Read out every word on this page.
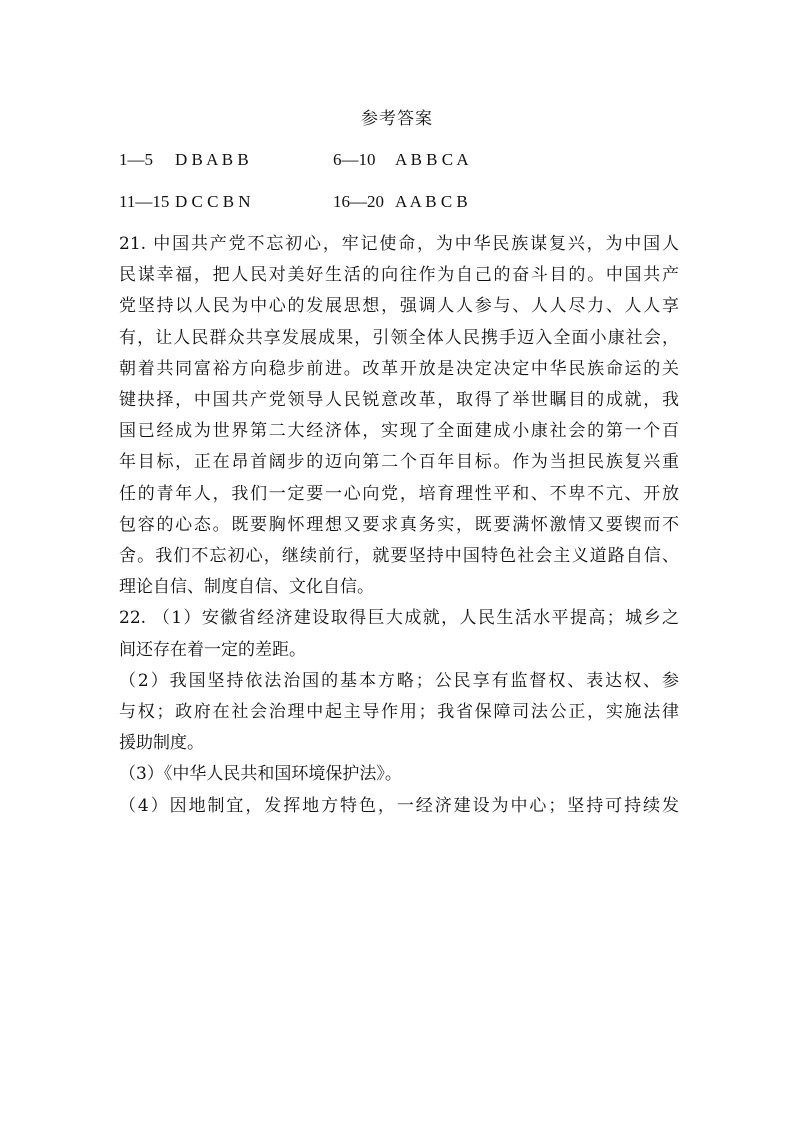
参考答案
1—5 D B A B B	6—10 A B B C A
11—15 D C C B N	16—20 A A B C B

21. 中国共产党不忘初心，牢记使命，为中华民族谋复兴，为中国人
民谋幸福，把人民对美好生活的向往作为自己的奋斗目的。中国共产
党坚持以人民为中心的发展思想，强调人人参与、人人尽力、人人享
有，让人民群众共享发展成果，引领全体人民携手迈入全面小康社会，
朝着共同富裕方向稳步前进。改革开放是决定决定中华民族命运的关
键抉择，中国共产党领导人民锐意改革，取得了举世瞩目的成就，我
国已经成为世界第二大经济体，实现了全面建成小康社会的第一个百
年目标，正在昂首阔步的迈向第二个百年目标。作为当担民族复兴重
任的青年人，我们一定要一心向党，培育理性平和、不卑不亢、开放
包容的心态。既要胸怀理想又要求真务实，既要满怀激情又要锲而不
舍。我们不忘初心，继续前行，就要坚持中国特色社会主义道路自信、
理论自信、制度自信、文化自信。

22. （1）安徽省经济建设取得巨大成就，人民生活水平提高；城乡之
间还存在着一定的差距。

（2）我国坚持依法治国的基本方略；公民享有监督权、表达权、参
与权；政府在社会治理中起主导作用；我省保障司法公正，实施法律
援助制度。

（3）《中华人民共和国环境保护法》。

（4）因地制宜，发挥地方特色，一经济建设为中心；坚持可持续发
